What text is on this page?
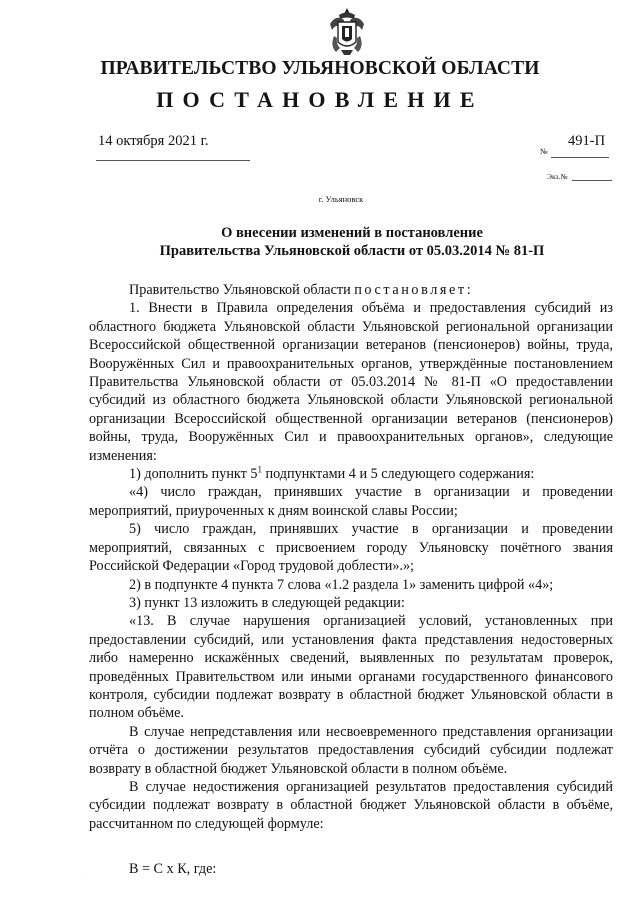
ПРАВИТЕЛЬСТВО УЛЬЯНОВСКОЙ ОБЛАСТИ
ПОСТАНОВЛЕНИЕ
14 октября 2021 г.
№
491-П
Экз.№
г. Ульяновск
О внесении изменений в постановление
Правительства Ульяновской области от 05.03.2014 № 81-П

Правительство Ульяновской области постановляет:

1. Внести в Правила определения объёма и предоставления субсидий из областного бюджета Ульяновской области Ульяновской региональной организации Всероссийской общественной организации ветеранов (пенсионеров) войны, труда, Вооружённых Сил и правоохранительных органов, утверждённые постановлением Правительства Ульяновской области от 05.03.2014 № 81-П «О предоставлении субсидий из областного бюджета Ульяновской области Ульяновской региональной организации Всероссийской общественной организации ветеранов (пенсионеров) войны, труда, Вооружённых Сил и правоохранительных органов», следующие изменения:

1) дополнить пункт $5^1$ подпунктами 4 и 5 следующего содержания:

«4) число граждан, принявших участие в организации и проведении мероприятий, приуроченных к дням воинской славы России;

5) число граждан, принявших участие в организации и проведении мероприятий, связанных с присвоением городу Ульяновску почётного звания Российской Федерации «Город трудовой доблести».»;

2) в подпункте 4 пункта 7 слова «1.2 раздела 1» заменить цифрой «4»;

3) пункт 13 изложить в следующей редакции:

«13. В случае нарушения организацией условий, установленных при предоставлении субсидий, или установления факта представления недостоверных либо намеренно искажённых сведений, выявленных по результатам проверок, проведённых Правительством или иными органами государственного финансового контроля, субсидии подлежат возврату в областной бюджет Ульяновской области в полном объёме.

В случае непредставления или несвоевременного представления организации отчёта о достижении результатов предоставления субсидий субсидии подлежат возврату в областной бюджет Ульяновской области в полном объёме.

В случае недостижения организацией результатов предоставления субсидий субсидии подлежат возврату в областной бюджет Ульяновской области в объёме, рассчитанном по следующей формуле:

В = С x К, где:

·
